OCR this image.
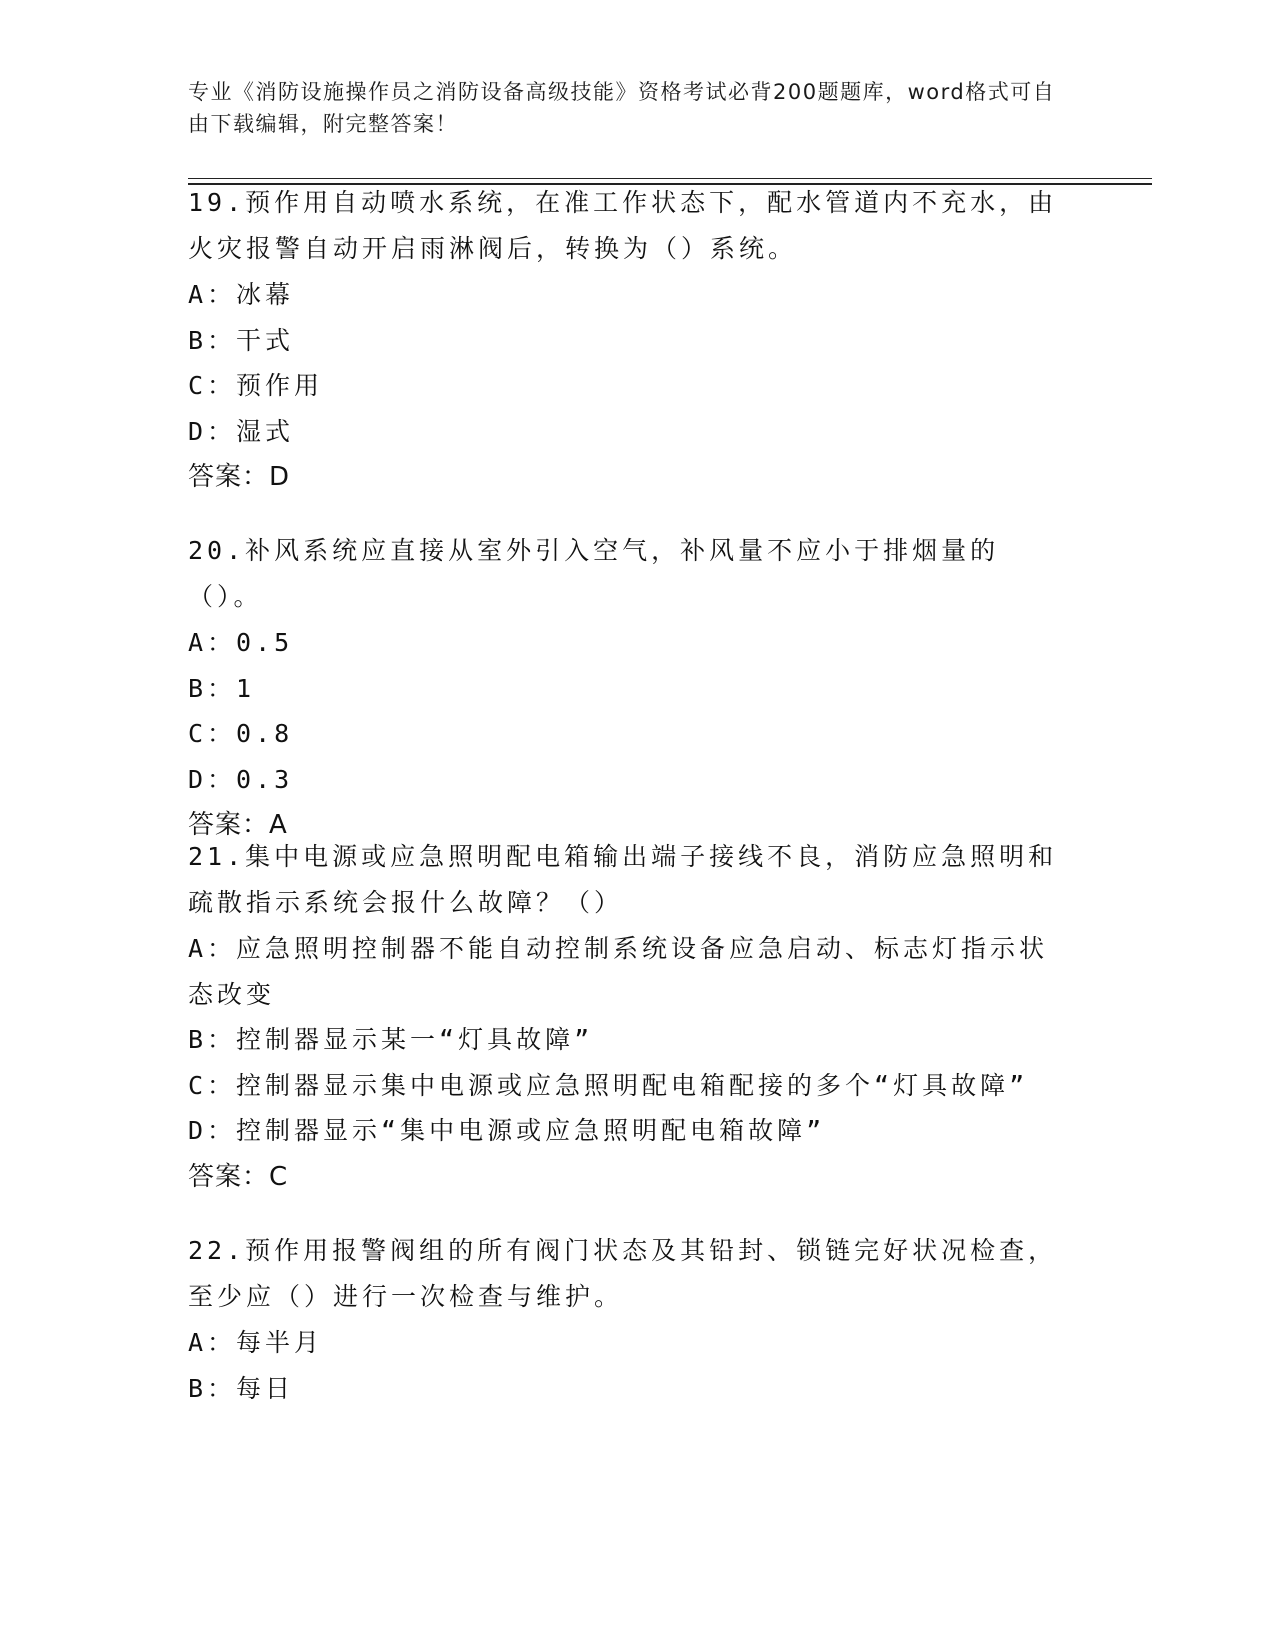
专业《消防设施操作员之消防设备高级技能》资格考试必背200题题库，word格式可自由下载编辑，附完整答案！
19.预作用自动喷水系统，在准工作状态下，配水管道内不充水，由火灾报警自动开启雨淋阀后，转换为（）系统。
A：冰幕
B：干式
C：预作用
D：湿式
答案：D
20.补风系统应直接从室外引入空气，补风量不应小于排烟量的（）。
A：0.5
B：1
C：0.8
D：0.3
答案：A
21.集中电源或应急照明配电箱输出端子接线不良，消防应急照明和疏散指示系统会报什么故障？（）
A：应急照明控制器不能自动控制系统设备应急启动、标志灯指示状态改变
B：控制器显示某一“灯具故障”
C：控制器显示集中电源或应急照明配电箱配接的多个“灯具故障”
D：控制器显示“集中电源或应急照明配电箱故障”
答案：C
22.预作用报警阀组的所有阀门状态及其铅封、锁链完好状况检查，至少应（）进行一次检查与维护。
A：每半月
B：每日
